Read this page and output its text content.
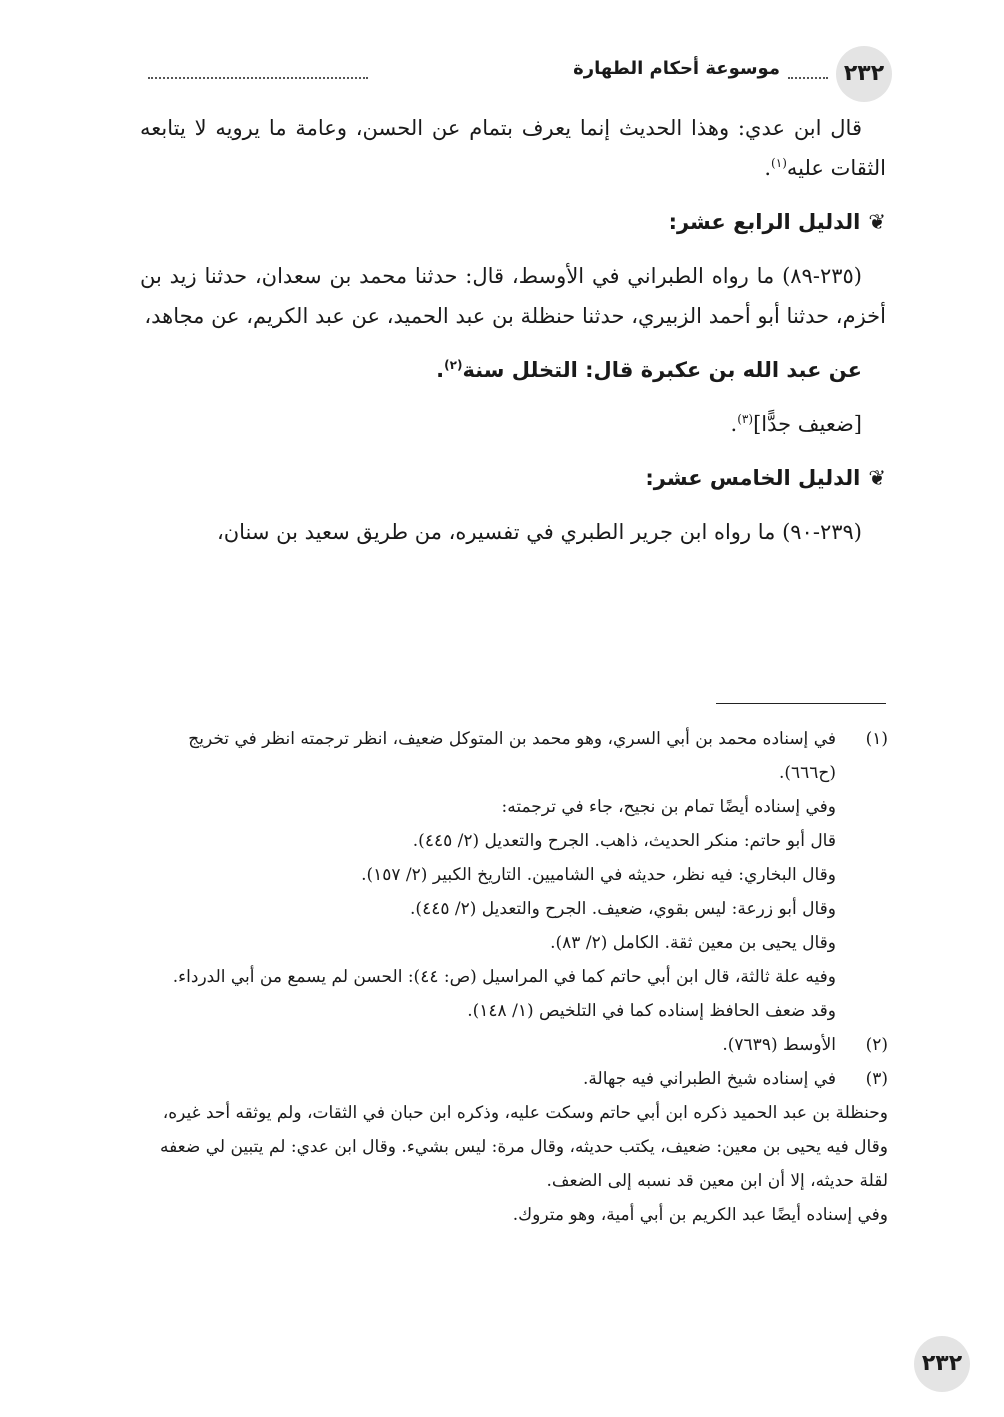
٢٣٢
موسوعة أحكام الطهارة

قال ابن عدي: وهذا الحديث إنما يعرف بتمام عن الحسن، وعامة ما يرويه لا يتابعه الثقات عليه$^{(١)}$.

❦الدليل الرابع عشر:

(٢٣٥-٨٩) ما رواه الطبراني في الأوسط، قال: حدثنا محمد بن سعدان، حدثنا زيد بن أخزم، حدثنا أبو أحمد الزبيري، حدثنا حنظلة بن عبد الحميد، عن عبد الكريم، عن مجاهد،

عن عبد الله بن عكبرة قال: التخلل سنة$^{(٢)}$.

[ضعيف جدًّا]$^{(٣)}$.

❦الدليل الخامس عشر:

(٢٣٩-٩٠) ما رواه ابن جرير الطبري في تفسيره، من طريق سعيد بن سنان،

(١)

في إسناده محمد بن أبي السري، وهو محمد بن المتوكل ضعيف، انظر ترجمته انظر في تخريج (ح٦٦٦).

وفي إسناده أيضًا تمام بن نجيح، جاء في ترجمته:

قال أبو حاتم: منكر الحديث، ذاهب. الجرح والتعديل (٢/ ٤٤٥).

وقال البخاري: فيه نظر، حديثه في الشاميين. التاريخ الكبير (٢/ ١٥٧).

وقال أبو زرعة: ليس بقوي، ضعيف. الجرح والتعديل (٢/ ٤٤٥).

وقال يحيى بن معين ثقة. الكامل (٢/ ٨٣).

وفيه علة ثالثة، قال ابن أبي حاتم كما في المراسيل (ص: ٤٤): الحسن لم يسمع من أبي الدرداء.

وقد ضعف الحافظ إسناده كما في التلخيص (١/ ١٤٨).

(٢)

الأوسط (٧٦٣٩).

(٣)

في إسناده شيخ الطبراني فيه جهالة.

وحنظلة بن عبد الحميد ذكره ابن أبي حاتم وسكت عليه، وذكره ابن حبان في الثقات، ولم يوثقه أحد غيره، وقال فيه يحيى بن معين: ضعيف، يكتب حديثه، وقال مرة: ليس بشيء. وقال ابن عدي: لم يتبين لي ضعفه لقلة حديثه، إلا أن ابن معين قد نسبه إلى الضعف.

وفي إسناده أيضًا عبد الكريم بن أبي أمية، وهو متروك.

٢٣٢
